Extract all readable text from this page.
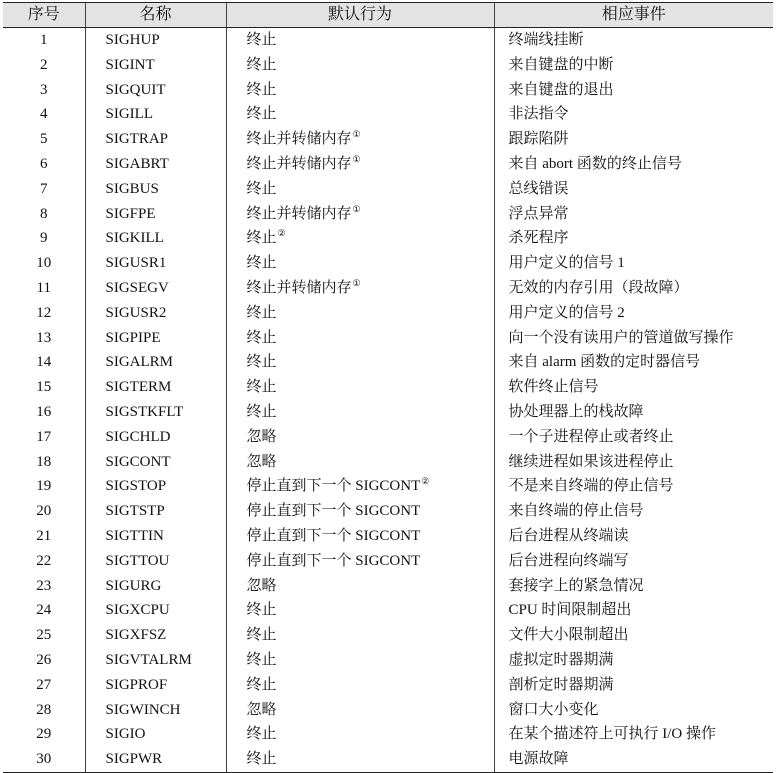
序号	名称	默认行为	相应事件
1	SIGHUP	终止	终端线挂断
2	SIGINT	终止	来自键盘的中断
3	SIGQUIT	终止	来自键盘的退出
4	SIGILL	终止	非法指令
5	SIGTRAP	终止并转储内存①	跟踪陷阱
6	SIGABRT	终止并转储内存①	来自 abort 函数的终止信号
7	SIGBUS	终止	总线错误
8	SIGFPE	终止并转储内存①	浮点异常
9	SIGKILL	终止②	杀死程序
10	SIGUSR1	终止	用户定义的信号 1
11	SIGSEGV	终止并转储内存①	无效的内存引用（段故障）
12	SIGUSR2	终止	用户定义的信号 2
13	SIGPIPE	终止	向一个没有读用户的管道做写操作
14	SIGALRM	终止	来自 alarm 函数的定时器信号
15	SIGTERM	终止	软件终止信号
16	SIGSTKFLT	终止	协处理器上的栈故障
17	SIGCHLD	忽略	一个子进程停止或者终止
18	SIGCONT	忽略	继续进程如果该进程停止
19	SIGSTOP	停止直到下一个 SIGCONT②	不是来自终端的停止信号
20	SIGTSTP	停止直到下一个 SIGCONT	来自终端的停止信号
21	SIGTTIN	停止直到下一个 SIGCONT	后台进程从终端读
22	SIGTTOU	停止直到下一个 SIGCONT	后台进程向终端写
23	SIGURG	忽略	套接字上的紧急情况
24	SIGXCPU	终止	CPU 时间限制超出
25	SIGXFSZ	终止	文件大小限制超出
26	SIGVTALRM	终止	虚拟定时器期满
27	SIGPROF	终止	剖析定时器期满
28	SIGWINCH	忽略	窗口大小变化
29	SIGIO	终止	在某个描述符上可执行 I/O 操作
30	SIGPWR	终止	电源故障
